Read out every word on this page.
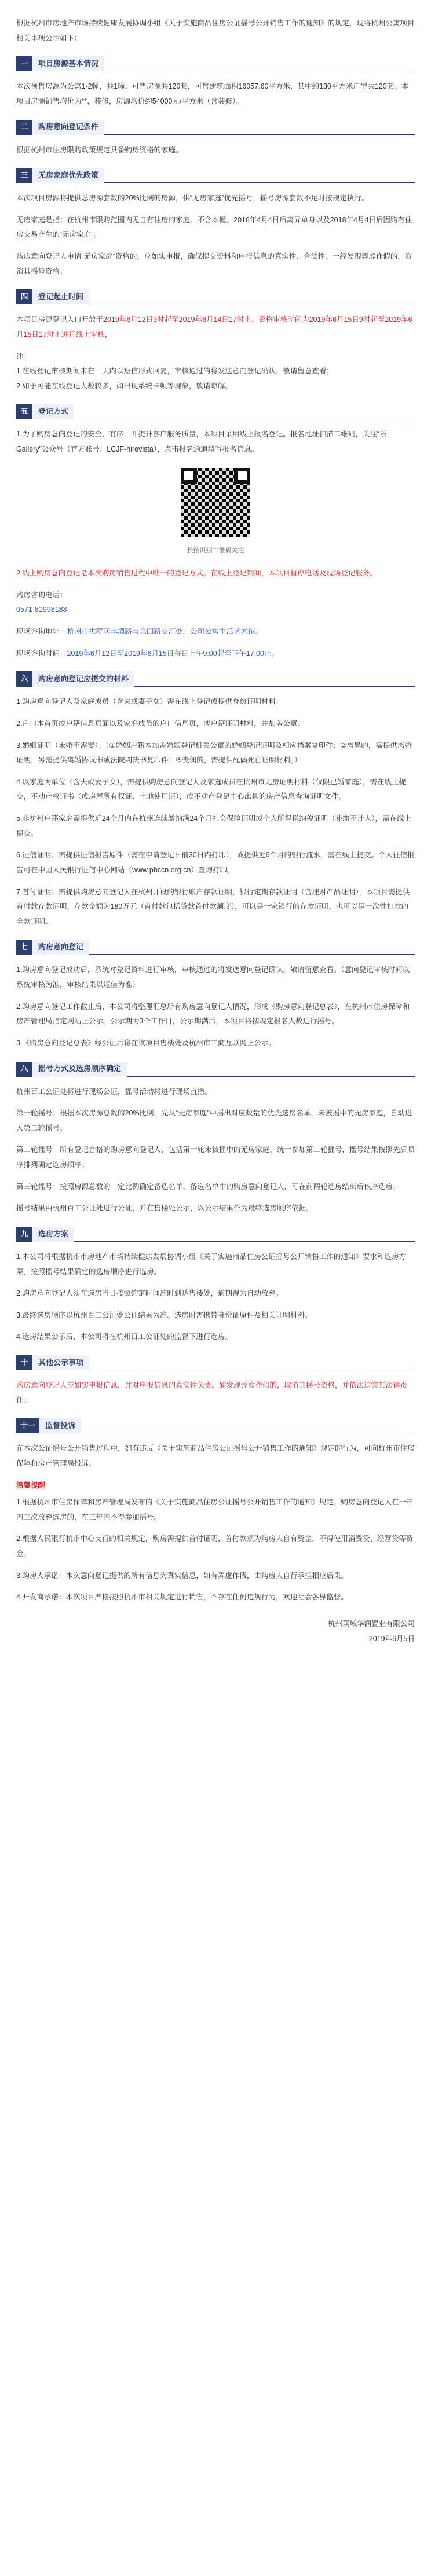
根据杭州市房地产市场持续健康发展协调小组《关于实施商品住房公证摇号公开销售工作的通知》的规定，现将杭州公寓项目相关事项公示如下：

一	项目房源基本情况

本次预售房源为公寓1-2幢，共1幢，可售房源共120套，可售建筑面积16057.60平方米，其中约130平方米户型共120套。本项目房源销售均价为**，装修，房源均价约54000元/平方米（含装修）。

二	购房意向登记条件

根据杭州市住房限购政策规定具备购房资格的家庭。

三	无房家庭优先政策

本次项目房源将提供总房源套数的20%比例的房源，供“无房家庭”优先摇号，摇号房源套数不足时按规定执行。

无房家庭是指：在杭州市限购范围内无自有住房的家庭。不含本幢。2016年4月4日后离异单身以及2018年4月4日后因购有住房交易产生的“无房家庭”。

购房意向登记人申请“无房家庭”资格的，应如实申报，确保提交资料和申报信息的真实性、合法性。一经发现弄虚作假的，取消其摇号资格。

四	登记起止时间

本项目房源登记入口开放于2019年6月12日9时起至2019年6月14日17时止。资格审核时间为2019年6月15日9时起至2019年6月15日17时止进行线上审核，

注：

1.在线登记审核期间未在一天内以短信形式回复，审核通过的将发送意向登记确认，敬请留意查看；

2.如于可能在线登记人数较多，如出现系统卡顿等现象，敬请谅解。

五	登记方式

1.为了购房意向登记的安全、有序，并提升客户服务质量，本项目采用线上报名登记。报名地址扫描二维码，关注“乐Gallery”公众号（官方账号：LCJF-hirevista），点击报名通道填写报名信息。

长按识别二维码关注

2.线上购房意向登记是本次购房销售过程中唯一的登记方式。在线上登记期间，本项目暂停电话及现场登记服务。

购房咨询电话：

0571-81998188

现场咨询地址：杭州市拱墅区丰潭路与余四路交汇处，公司公寓生活艺术馆。

现场咨询时间：2019年6月12日至2019年6月15日每日上午9:00起至下午17:00止。

六	购房意向登记应提交的材料

1.购房意向登记人及家庭成员（含夫或妻子女）需在线上登记或提供身份证明材料：

2.户口本首页或户籍信息页面以及家庭成员的户口信息页，或户籍证明材料，并加盖公章。

3.婚姻证明（未婚不需要）；（①婚姻户籍本加盖婚姻登记机关公章的婚姻登记证明及相应档案复印件；②离异的，需提供离婚证明，另需提供离婚协议书或法院判决书复印件；③丧偶的，需提供配偶死亡证明材料。）

4.以家庭为单位（含夫或妻子女），需提供购房意向登记人及家庭成员在杭州市无房证明材料（仅限已婚家庭），需在线上提交，不动产权证书（或房屋所有权证、土地使用证），或不动产登记中心出具的房产信息查询证明文件。

5.非杭州户籍家庭需提供近24个月内在杭州连续缴纳满24个月社会保险证明或个人所得税纳税证明（补缴不计入），需在线上提交。

6.征信证明：需提供征信报告原件（需在申请登记日前30日内打印），或提供近6个月的银行流水，需在线上提交。个人征信报告可在中国人民银行征信中心网站（www.pbccn.org.cn）查询打印。

7.首付证明：需提供购房意向登记人在杭州开设的银行账户存款证明，银行定期存款证明（含理财产品证明），本项目需提供首付款存款证明，存款金额为180万元（首付款包括贷款首付款额度），可以是一家银行的存款证明，也可以是一次性打款的全款证明。

七	购房意向登记

1.购房意向登记成功后，系统对登记资料进行审核，审核通过的将发送意向登记确认，敬请留意查看。（意向登记审核时间以系统审核为准，审核结果以短信为准）

2.购房意向登记工作截止后，本公司将整理汇总所有购房意向登记人情况，形成《购房意向登记总表》，在杭州市住房保障和房产管理局指定网站上公示。公示期为3个工作日，公示期满后，本项目将按规定报名人数进行摇号。

3.《购房意向登记总表》经公证后将在该项目售楼处及杭州市工商互联网上公示。

八	摇号方式及选房顺序确定

杭州百工公证处将进行现场公证，摇号活动将进行现场直播。

第一轮摇号：根据本次房源总数的20%比例，先从“无房家庭”中摇出对应数量的优先选房名单，未被摇中的无房家庭，自动进入第二轮摇号。

第二轮摇号：所有登记合格的购房意向登记人，包括第一轮未被摇中的无房家庭，统一参加第二轮摇号，摇号结果按照先后顺序排列确定选房顺序。

第三轮摇号：按照房源总数的一定比例确定备选名单，备选名单中的购房意向登记人，可在前两轮选房结束后依序选房。

摇号结果由杭州百工公证处进行公证，并在售楼处公示，以公示结果作为最终选房顺序依据。

九	选房方案

1.本公司将根据杭州市房地产市场持续健康发展协调小组《关于实施商品住房公证摇号公开销售工作的通知》要求和选房方案，按照摇号结果确定的选房顺序进行选房。

2.购房意向登记人须在选房当日按照约定时间准时到达售楼处，逾期视为自动放弃。

3.最终选房顺序以杭州百工公证处公证结果为准。选房时需携带身份证原件及相关证明材料。

4.选房结果公示后，本公司将在杭州百工公证处的监督下进行选房。

十	其他公示事项

购房意向登记人应如实申报信息，并对申报信息的真实性负责。如发现弄虚作假的，取消其摇号资格，并依法追究其法律责任。

十一	监督投诉

在本次公证摇号公开销售过程中，如有违反《关于实施商品住房公证摇号公开销售工作的通知》规定的行为，可向杭州市住房保障和房产管理局投诉。

温馨提醒

1.根据杭州市住房保障和房产管理局发布的《关于实施商品住房公证摇号公开销售工作的通知》规定，购房意向登记人在一年内三次放弃选房的，在三年内不得参加摇号。

2.根据人民银行杭州中心支行的相关规定，购房需提供首付证明，首付款须为购房人自有资金，不得使用消费贷、经营贷等资金。

3.购房人承诺：本次意向登记提供的所有信息为真实信息，如有弄虚作假，由购房人自行承担相应后果。

4.开发商承诺：本次项目严格按照杭州市相关规定进行销售，不存在任何违规行为，欢迎社会各界监督。

杭州璞域华润置业有限公司
2019年6月5日
